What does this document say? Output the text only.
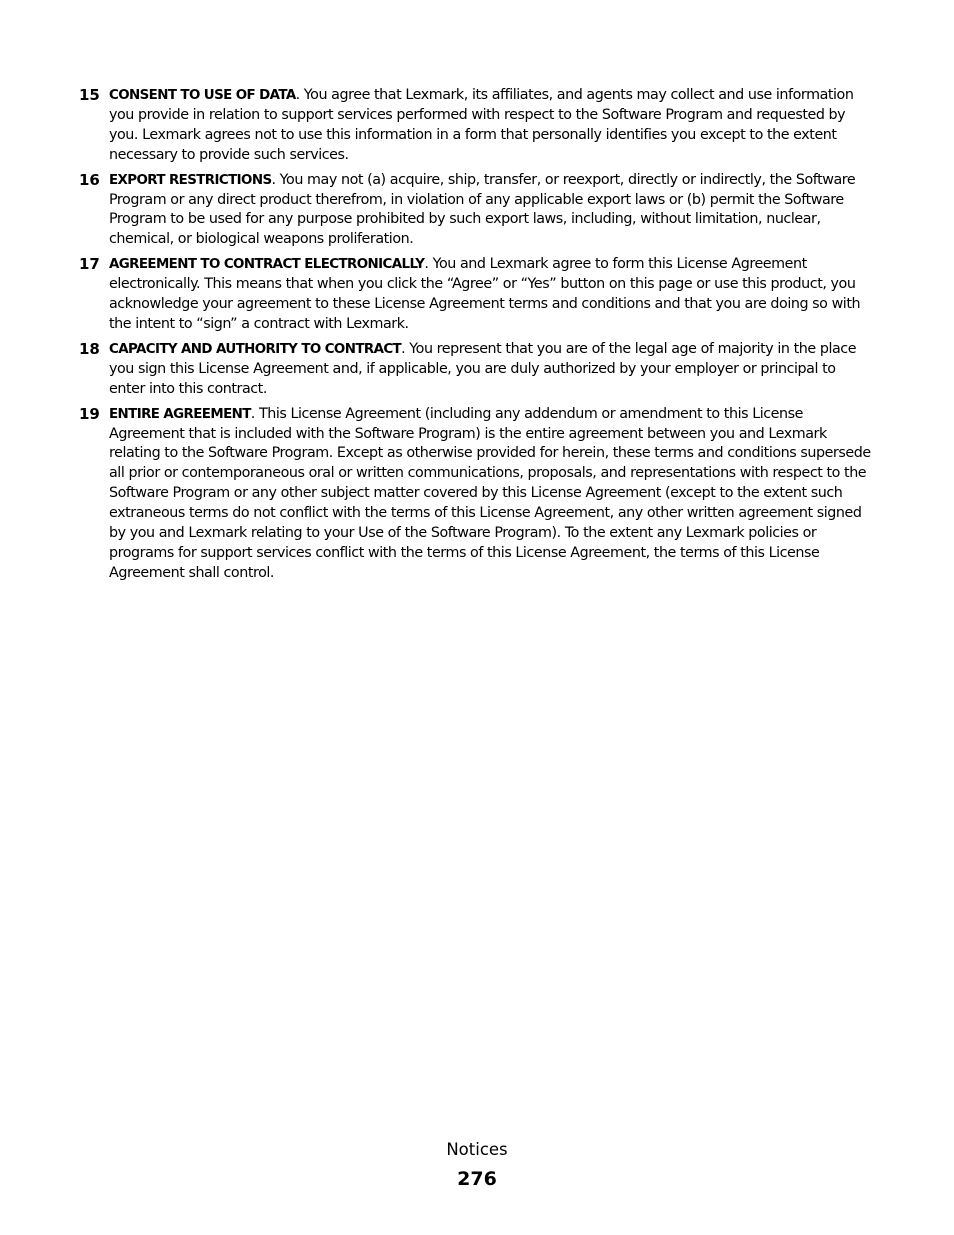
15 CONSENT TO USE OF DATA. You agree that Lexmark, its affiliates, and agents may collect and use information you provide in relation to support services performed with respect to the Software Program and requested by you. Lexmark agrees not to use this information in a form that personally identifies you except to the extent necessary to provide such services.
16 EXPORT RESTRICTIONS. You may not (a) acquire, ship, transfer, or reexport, directly or indirectly, the Software Program or any direct product therefrom, in violation of any applicable export laws or (b) permit the Software Program to be used for any purpose prohibited by such export laws, including, without limitation, nuclear, chemical, or biological weapons proliferation.
17 AGREEMENT TO CONTRACT ELECTRONICALLY. You and Lexmark agree to form this License Agreement electronically. This means that when you click the “Agree” or “Yes” button on this page or use this product, you acknowledge your agreement to these License Agreement terms and conditions and that you are doing so with the intent to “sign” a contract with Lexmark.
18 CAPACITY AND AUTHORITY TO CONTRACT. You represent that you are of the legal age of majority in the place you sign this License Agreement and, if applicable, you are duly authorized by your employer or principal to enter into this contract.
19 ENTIRE AGREEMENT. This License Agreement (including any addendum or amendment to this License Agreement that is included with the Software Program) is the entire agreement between you and Lexmark relating to the Software Program. Except as otherwise provided for herein, these terms and conditions supersede all prior or contemporaneous oral or written communications, proposals, and representations with respect to the Software Program or any other subject matter covered by this License Agreement (except to the extent such extraneous terms do not conflict with the terms of this License Agreement, any other written agreement signed by you and Lexmark relating to your Use of the Software Program). To the extent any Lexmark policies or programs for support services conflict with the terms of this License Agreement, the terms of this License Agreement shall control.
Notices
276
